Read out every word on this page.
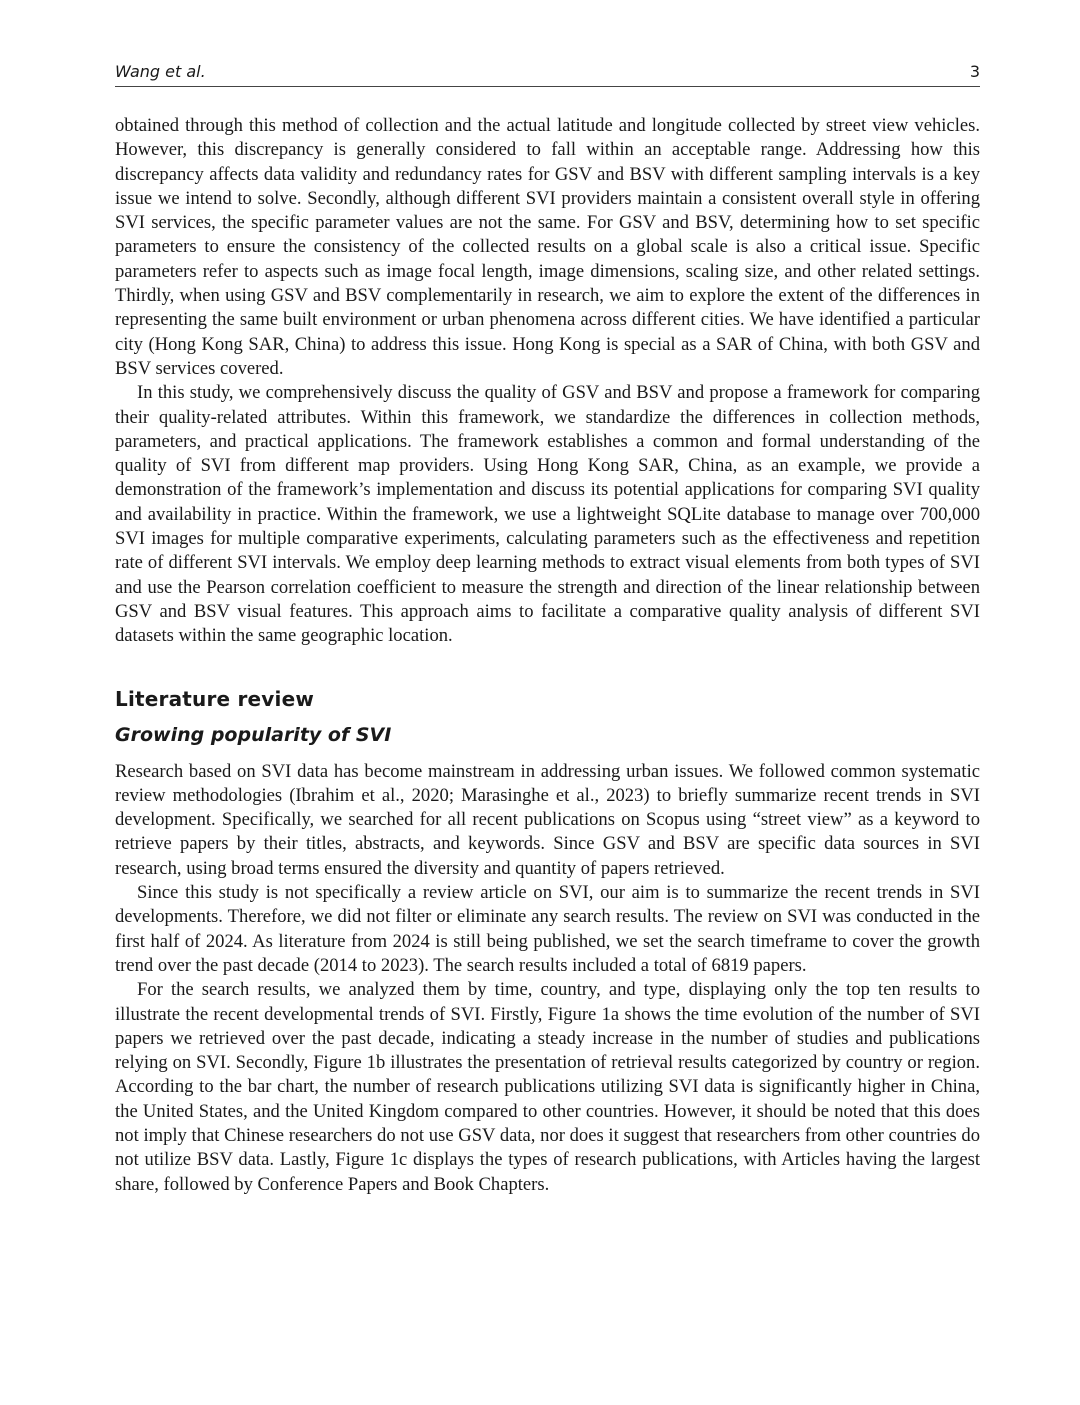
Wang et al.	3

obtained through this method of collection and the actual latitude and longitude collected by street view vehicles. However, this discrepancy is generally considered to fall within an acceptable range. Addressing how this discrepancy affects data validity and redundancy rates for GSV and BSV with different sampling intervals is a key issue we intend to solve. Secondly, although different SVI providers maintain a consistent overall style in offering SVI services, the specific parameter values are not the same. For GSV and BSV, determining how to set specific parameters to ensure the consistency of the collected results on a global scale is also a critical issue. Specific parameters refer to aspects such as image focal length, image dimensions, scaling size, and other related settings. Thirdly, when using GSV and BSV complementarily in research, we aim to explore the extent of the differences in representing the same built environment or urban phenomena across different cities. We have identified a particular city (Hong Kong SAR, China) to address this issue. Hong Kong is special as a SAR of China, with both GSV and BSV services covered.

In this study, we comprehensively discuss the quality of GSV and BSV and propose a framework for comparing their quality-related attributes. Within this framework, we standardize the differences in collection methods, parameters, and practical applications. The framework establishes a common and formal understanding of the quality of SVI from different map providers. Using Hong Kong SAR, China, as an example, we provide a demonstration of the framework’s implementation and discuss its potential applications for comparing SVI quality and availability in practice. Within the framework, we use a lightweight SQLite database to manage over 700,000 SVI images for multiple comparative experiments, calculating parameters such as the effectiveness and repetition rate of different SVI intervals. We employ deep learning methods to extract visual elements from both types of SVI and use the Pearson correlation coefficient to measure the strength and direction of the linear relationship between GSV and BSV visual features. This approach aims to facilitate a comparative quality analysis of different SVI datasets within the same geographic location.

Literature review
Growing popularity of SVI

Research based on SVI data has become mainstream in addressing urban issues. We followed common systematic review methodologies (Ibrahim et al., 2020; Marasinghe et al., 2023) to briefly summarize recent trends in SVI development. Specifically, we searched for all recent publications on Scopus using “street view” as a keyword to retrieve papers by their titles, abstracts, and keywords. Since GSV and BSV are specific data sources in SVI research, using broad terms ensured the diversity and quantity of papers retrieved.

Since this study is not specifically a review article on SVI, our aim is to summarize the recent trends in SVI developments. Therefore, we did not filter or eliminate any search results. The review on SVI was conducted in the first half of 2024. As literature from 2024 is still being published, we set the search timeframe to cover the growth trend over the past decade (2014 to 2023). The search results included a total of 6819 papers.

For the search results, we analyzed them by time, country, and type, displaying only the top ten results to illustrate the recent developmental trends of SVI. Firstly, Figure 1a shows the time evolution of the number of SVI papers we retrieved over the past decade, indicating a steady increase in the number of studies and publications relying on SVI. Secondly, Figure 1b illustrates the presentation of retrieval results categorized by country or region. According to the bar chart, the number of research publications utilizing SVI data is significantly higher in China, the United States, and the United Kingdom compared to other countries. However, it should be noted that this does not imply that Chinese researchers do not use GSV data, nor does it suggest that researchers from other countries do not utilize BSV data. Lastly, Figure 1c displays the types of research publications, with Articles having the largest share, followed by Conference Papers and Book Chapters.
